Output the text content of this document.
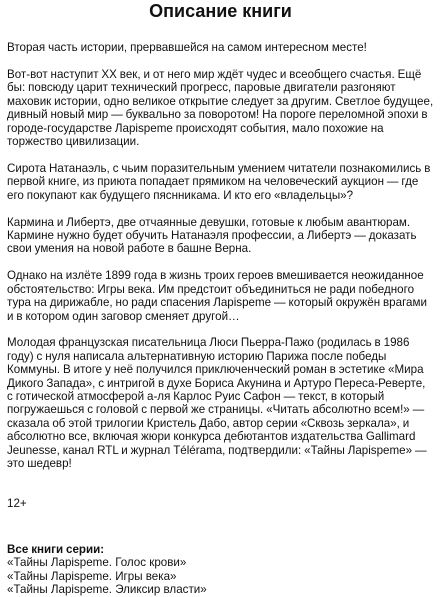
Описание книги

Вторая часть истории, прервавшейся на самом интересном месте!

Вот-вот наступит XX век, и от него мир ждёт чудес и всеобщего счастья. Ещё бы: повсюду царит технический прогресс, паровые двигатели разгоняют маховик истории, одно великое открытие следует за другим. Светлое будущее, дивный новый мир — буквально за поворотом! На пороге переломной эпохи в городе-государстве Ларispeme происходят события, мало похожие на торжество цивилизации.

Сирота Натанаэль, с чьим поразительным умением читатели познакомились в первой книге, из приюта попадает прямиком на человеческий аукцион — где его покупают как будущего пяснникама. И кто его «владельцы»?

Кармина и Либертэ, две отчаянные девушки, готовые к любым авантюрам. Кармине нужно будет обучить Натанаэля профессии, а Либертэ — доказать свои умения на новой работе в башне Верна.

Однако на излёте 1899 года в жизнь троих героев вмешивается неожиданное обстоятельство: Игры века. Им предстоит объединиться не ради победного тура на дирижабле, но ради спасения Ларispeme — который окружён врагами и в котором один заговор сменяет другой…

Молодая французская писательница Люси Пьерра-Пажо (родилась в 1986 году) с нуля написала альтернативную историю Парижа после победы Коммуны. В итоге у неё получился приключенческий роман в эстетике «Мира Дикого Запада», с интригой в духе Бориса Акунина и Артуро Переса-Реверте, с готической атмосферой а-ля Карлос Руис Сафон — текст, в который погружаешься с головой с первой же страницы. «Читать абсолютно всем!» — сказала об этой трилогии Кристель Дабо, автор серии «Сквозь зеркала», и абсолютно все, включая жюри конкурса дебютантов издательства Gallimard Jeunesse, канал RTL и журнал Télérama, подтвердили: «Тайны Ларispeme» — это шедевр!

12+

Все книги серии:

«Тайны Ларispeme. Голос крови»

«Тайны Ларispeme. Игры века»

«Тайны Ларispeme. Эликсир власти»
